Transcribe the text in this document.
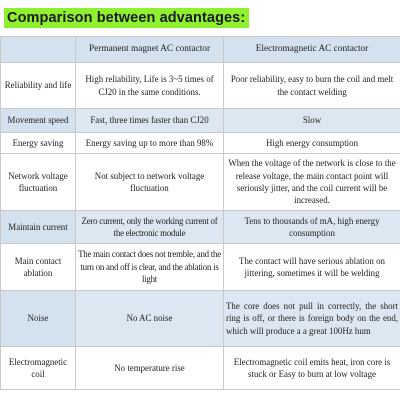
Comparison between advantages:
	Permanent magnet AC contactor	Electromagnetic AC contactor
Reliability and life	High reliability, Life is 3~5 times of CJ20 in the same conditions.	Poor reliability, easy to burn the coil and melt the contact welding
Movement speed	Fast, three times faster than CJ20	Slow
Energy saving	Energy saving up to more than 98%	High energy consumption
Network voltage fluctuation	Not subject to network voltage fluctuation	When the voltage of the network is close to the release voltage, the main contact point will seriously jitter, and the coil current will be increased.
Maintain current	Zero current, only the working current of the electronic module	Tens to thousands of mA, high energy consumption
Main contact ablation	The main contact does not tremble, and the turn on and off is clear, and the ablation is light	The contact will have serious ablation on jittering, sometimes it will be welding
Noise	No AC noise	The core does not pull in correctly, the short ring is off, or there is foreign body on the end, which will produce a a great 100Hz hum
Electromagnetic coil	No temperature rise	Electromagnetic coil emits heat, iron core is stuck or Easy to burn at low voltage
